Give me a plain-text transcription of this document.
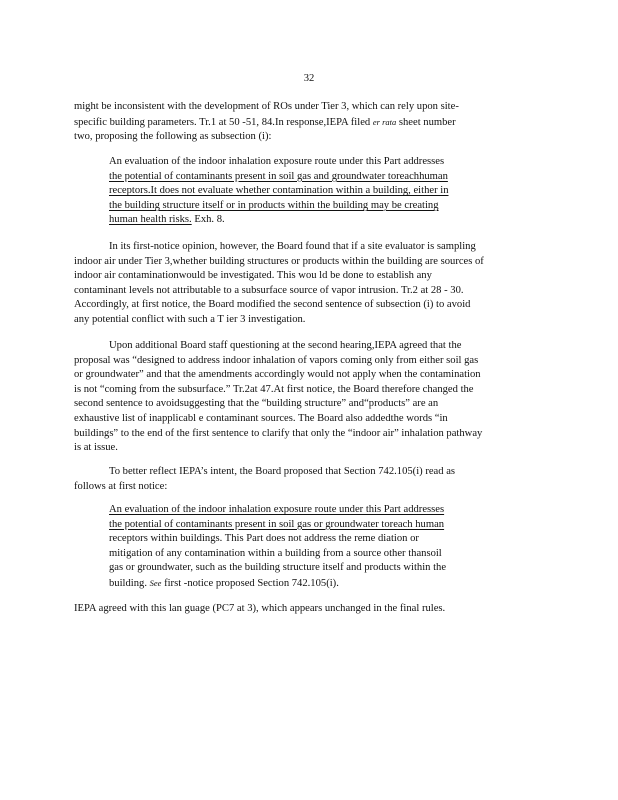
32
might be inconsistent with the development of ROs under Tier 3, which can rely upon site-
specific building parameters. Tr.1 at 50 -51, 84.In response,IEPA filed er rata sheet number
two, proposing the following as subsection (i):
An evaluation of the indoor inhalation exposure route under this Part addresses
the potential of contaminants present in soil gas and groundwater toreachhuman
receptors.It does not evaluate whether contamination within a building, either in
the building structure itself or in products within the building may be creating
human health risks. Exh. 8.
In its first-notice opinion, however, the Board found that if a site evaluator is sampling
indoor air under Tier 3,whether building structures or products within the building are sources of
indoor air contaminationwould be investigated. This wou ld be done to establish any
contaminant levels not attributable to a subsurface source of vapor intrusion. Tr.2 at 28 - 30.
Accordingly, at first notice, the Board modified the second sentence of subsection (i) to avoid
any potential conflict with such a T ier 3 investigation.
Upon additional Board staff questioning at the second hearing,IEPA agreed that the
proposal was “designed to address indoor inhalation of vapors coming only from either soil gas
or groundwater” and that the amendments accordingly would not apply when the contamination
is not “coming from the subsurface.” Tr.2at 47.At first notice, the Board therefore changed the
second sentence to avoidsuggesting that the “building structure” and“products” are an
exhaustive list of inapplicabl e contaminant sources. The Board also addedthe words “in
buildings” to the end of the first sentence to clarify that only the “indoor air” inhalation pathway
is at issue.
To better reflect IEPA’s intent, the Board proposed that Section 742.105(i) read as
follows at first notice:
An evaluation of the indoor inhalation exposure route under this Part addresses
the potential of contaminants present in soil gas or groundwater toreach human
receptors within buildings. This Part does not address the reme diation or
mitigation of any contamination within a building from a source other thansoil
gas or groundwater, such as the building structure itself and products within the
building. See first -notice proposed Section 742.105(i).
IEPA agreed with this lan guage (PC7 at 3), which appears unchanged in the final rules.
